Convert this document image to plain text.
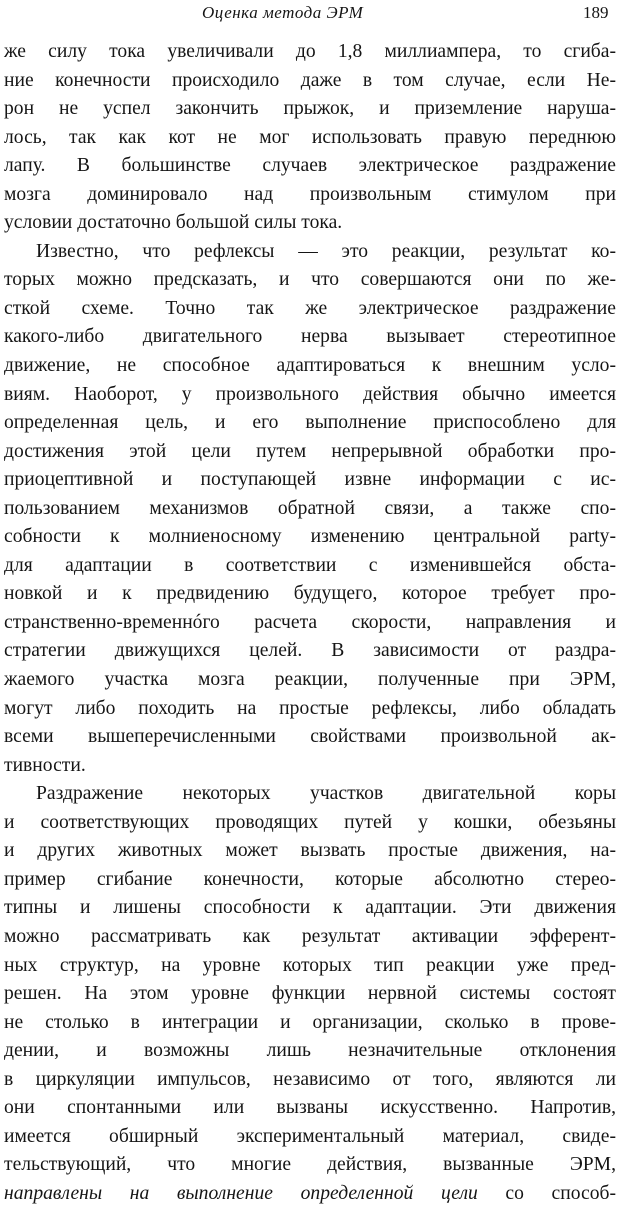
Оценка метода ЭРМ	189
же силу тока увеличивали до 1,8 миллиампера, то сгиба-
ние конечности происходило даже в том случае, если Не-
рон не успел закончить прыжок, и приземление наруша-
лось, так как кот не мог использовать правую переднюю
лапу. В большинстве случаев электрическое раздражение
мозга доминировало над произвольным стимулом при
условии достаточно большой силы тока.
Известно, что рефлексы — это реакции, результат ко-
торых можно предсказать, и что совершаются они по же-
сткой схеме. Точно так же электрическое раздражение
какого-либо двигательного нерва вызывает стереотипное
движение, не способное адаптироваться к внешним усло-
виям. Наоборот, у произвольного действия обычно имеется
определенная цель, и его выполнение приспособлено для
достижения этой цели путем непрерывной обработки про-
приоцептивной и поступающей извне информации с ис-
пользованием механизмов обратной связи, а также спо-
собности к молниеносному изменению центральной party-
для адаптации в соответствии с изменившейся обста-
новкой и к предвидению будущего, которое требует про-
странственно-временнóго расчета скорости, направления и
стратегии движущихся целей. В зависимости от раздра-
жаемого участка мозга реакции, полученные при ЭРМ,
могут либо походить на простые рефлексы, либо обладать
всеми вышеперечисленными свойствами произвольной ак-
тивности.
Раздражение некоторых участков двигательной коры
и соответствующих проводящих путей у кошки, обезьяны
и других животных может вызвать простые движения, на-
пример сгибание конечности, которые абсолютно стерео-
типны и лишены способности к адаптации. Эти движения
можно рассматривать как результат активации эфферент-
ных структур, на уровне которых тип реакции уже пред-
решен. На этом уровне функции нервной системы состоят
не столько в интеграции и организации, сколько в прове-
дении, и возможны лишь незначительные отклонения
в циркуляции импульсов, независимо от того, являются ли
они спонтанными или вызваны искусственно. Напротив,
имеется обширный экспериментальный материал, свиде-
тельствующий, что многие действия, вызванные ЭРМ,
направлены на выполнение определенной цели со способ-
